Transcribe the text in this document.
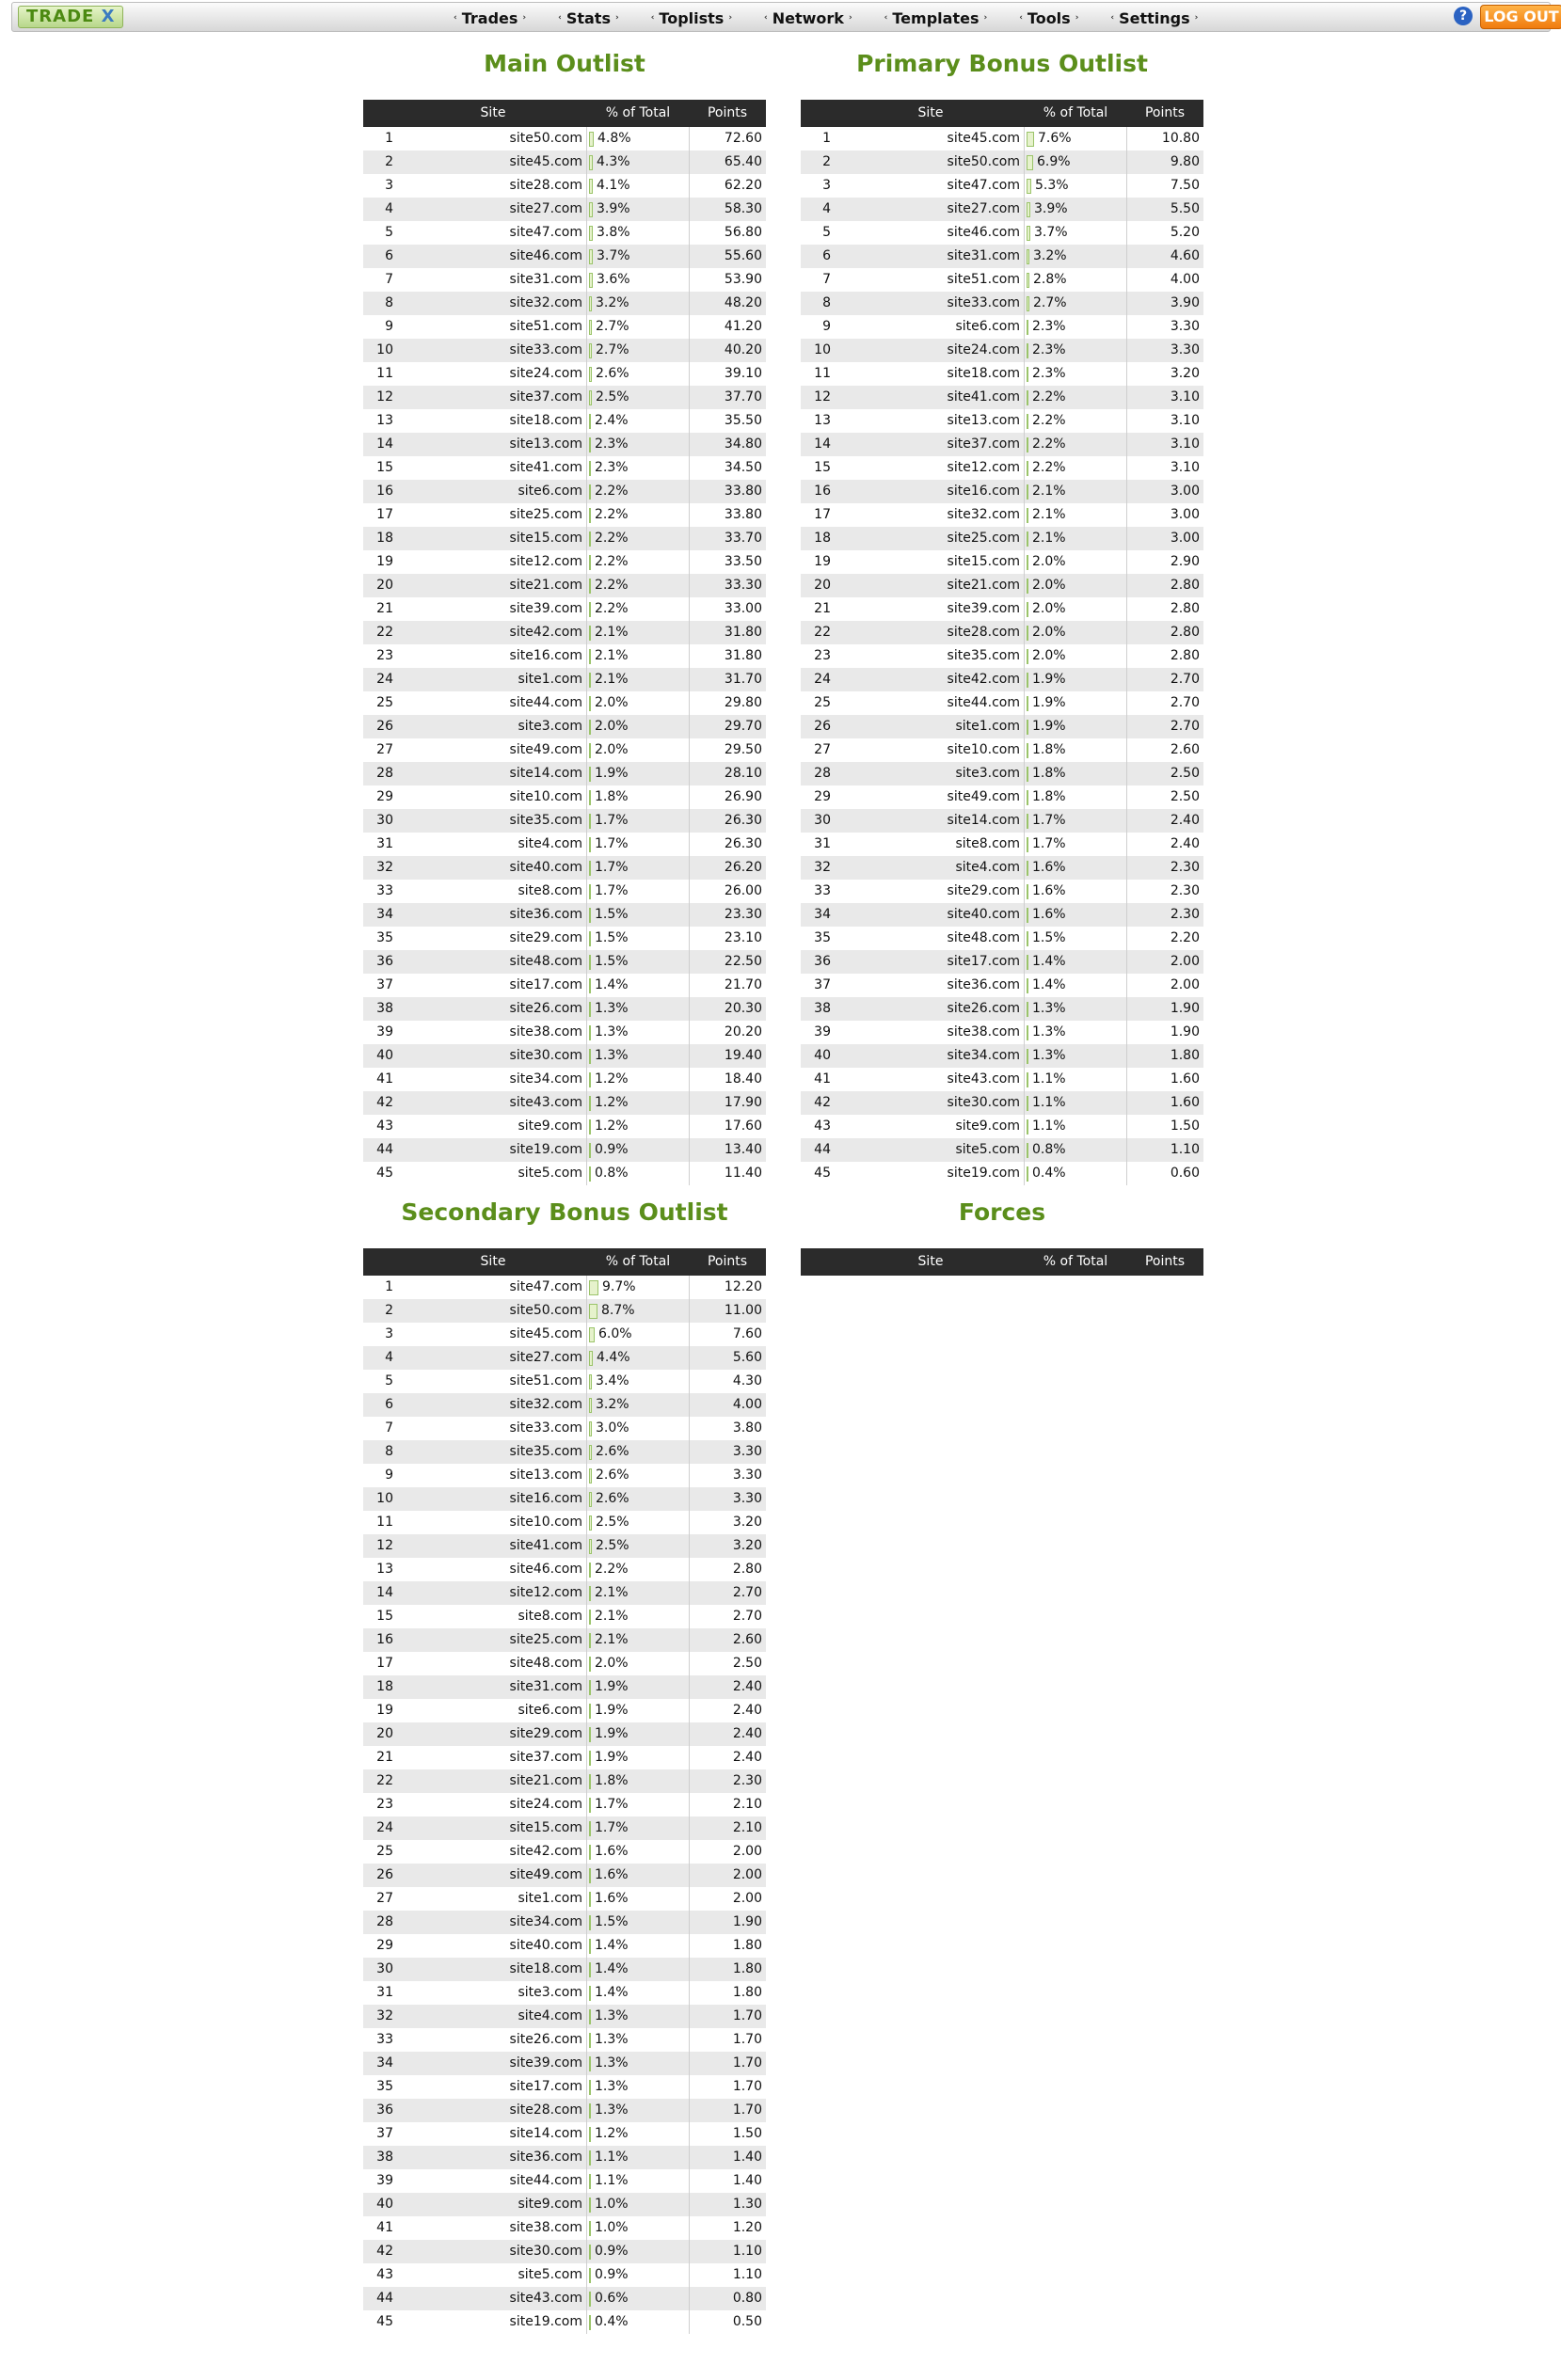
TRADE X	‹ Trades ›	‹ Stats ›	‹ Toplists ›	‹ Network ›	‹ Templates ›	‹ Tools ›	‹ Settings ›	?	LOG OUT
Main Outlist
Site	% of Total	Points
1	site50.com	4.8%	72.60
2	site45.com	4.3%	65.40
3	site28.com	4.1%	62.20
4	site27.com	3.9%	58.30
5	site47.com	3.8%	56.80
6	site46.com	3.7%	55.60
7	site31.com	3.6%	53.90
8	site32.com	3.2%	48.20
9	site51.com	2.7%	41.20
10	site33.com	2.7%	40.20
11	site24.com	2.6%	39.10
12	site37.com	2.5%	37.70
13	site18.com 2.4%	35.50
14	site13.com 2.3%	34.80
15	site41.com 2.3%	34.50
16	site6.com 2.2%	33.80
17	site25.com 2.2%	33.80
18	site15.com 2.2%	33.70
19	site12.com 2.2%	33.50
20	site21.com 2.2%	33.30
21	site39.com 2.2%	33.00
22	site42.com 2.1%	31.80
23	site16.com 2.1%	31.80
24	site1.com 2.1%	31.70
25	site44.com 2.0%	29.80
26	site3.com 2.0%	29.70
27	site49.com 2.0%	29.50
28	site14.com 1.9%	28.10
29	site10.com 1.8%	26.90
30	site35.com 1.7%	26.30
31	site4.com 1.7%	26.30
32	site40.com 1.7%	26.20
33	site8.com 1.7%	26.00
34	site36.com 1.5%	23.30
35	site29.com 1.5%	23.10
36	site48.com 1.5%	22.50
37	site17.com 1.4%	21.70
38	site26.com 1.3%	20.30
39	site38.com 1.3%	20.20
40	site30.com 1.3%	19.40
41	site34.com 1.2%	18.40
42	site43.com 1.2%	17.90
43	site9.com 1.2%	17.60
44	site19.com 0.9%	13.40
45	site5.com 0.8%	11.40
Primary Bonus Outlist
Site	% of Total	Points
1	site45.com	7.6%	10.80
2	site50.com	6.9%	9.80
3	site47.com	5.3%	7.50
4	site27.com	3.9%	5.50
5	site46.com	3.7%	5.20
6	site31.com	3.2%	4.60
7	site51.com	2.8%	4.00
8	site33.com	2.7%	3.90
9	site6.com 2.3%	3.30
10	site24.com 2.3%	3.30
11	site18.com 2.3%	3.20
12	site41.com 2.2%	3.10
13	site13.com 2.2%	3.10
14	site37.com 2.2%	3.10
15	site12.com 2.2%	3.10
16	site16.com 2.1%	3.00
17	site32.com 2.1%	3.00
18	site25.com 2.1%	3.00
19	site15.com 2.0%	2.90
20	site21.com 2.0%	2.80
21	site39.com 2.0%	2.80
22	site28.com 2.0%	2.80
23	site35.com 2.0%	2.80
24	site42.com 1.9%	2.70
25	site44.com 1.9%	2.70
26	site1.com 1.9%	2.70
27	site10.com 1.8%	2.60
28	site3.com 1.8%	2.50
29	site49.com 1.8%	2.50
30	site14.com 1.7%	2.40
31	site8.com 1.7%	2.40
32	site4.com 1.6%	2.30
33	site29.com 1.6%	2.30
34	site40.com 1.6%	2.30
35	site48.com 1.5%	2.20
36	site17.com 1.4%	2.00
37	site36.com 1.4%	2.00
38	site26.com 1.3%	1.90
39	site38.com 1.3%	1.90
40	site34.com 1.3%	1.80
41	site43.com 1.1%	1.60
42	site30.com 1.1%	1.60
43	site9.com 1.1%	1.50
44	site5.com 0.8%	1.10
45	site19.com 0.4%	0.60
Secondary Bonus Outlist
Site	% of Total	Points
1	site47.com	9.7%	12.20
2	site50.com	8.7%	11.00
3	site45.com	6.0%	7.60
4	site27.com	4.4%	5.60
5	site51.com	3.4%	4.30
6	site32.com	3.2%	4.00
7	site33.com	3.0%	3.80
8	site35.com	2.6%	3.30
9	site13.com	2.6%	3.30
10	site16.com	2.6%	3.30
11	site10.com	2.5%	3.20
12	site41.com	2.5%	3.20
13	site46.com 2.2%	2.80
14	site12.com 2.1%	2.70
15	site8.com 2.1%	2.70
16	site25.com 2.1%	2.60
17	site48.com 2.0%	2.50
18	site31.com 1.9%	2.40
19	site6.com 1.9%	2.40
20	site29.com 1.9%	2.40
21	site37.com 1.9%	2.40
22	site21.com 1.8%	2.30
23	site24.com 1.7%	2.10
24	site15.com 1.7%	2.10
25	site42.com 1.6%	2.00
26	site49.com 1.6%	2.00
27	site1.com 1.6%	2.00
28	site34.com 1.5%	1.90
29	site40.com 1.4%	1.80
30	site18.com 1.4%	1.80
31	site3.com 1.4%	1.80
32	site4.com 1.3%	1.70
33	site26.com 1.3%	1.70
34	site39.com 1.3%	1.70
35	site17.com 1.3%	1.70
36	site28.com 1.3%	1.70
37	site14.com 1.2%	1.50
38	site36.com 1.1%	1.40
39	site44.com 1.1%	1.40
40	site9.com 1.0%	1.30
41	site38.com 1.0%	1.20
42	site30.com 0.9%	1.10
43	site5.com 0.9%	1.10
44	site43.com 0.6%	0.80
45	site19.com 0.4%	0.50
Forces
Site	% of Total	Points
